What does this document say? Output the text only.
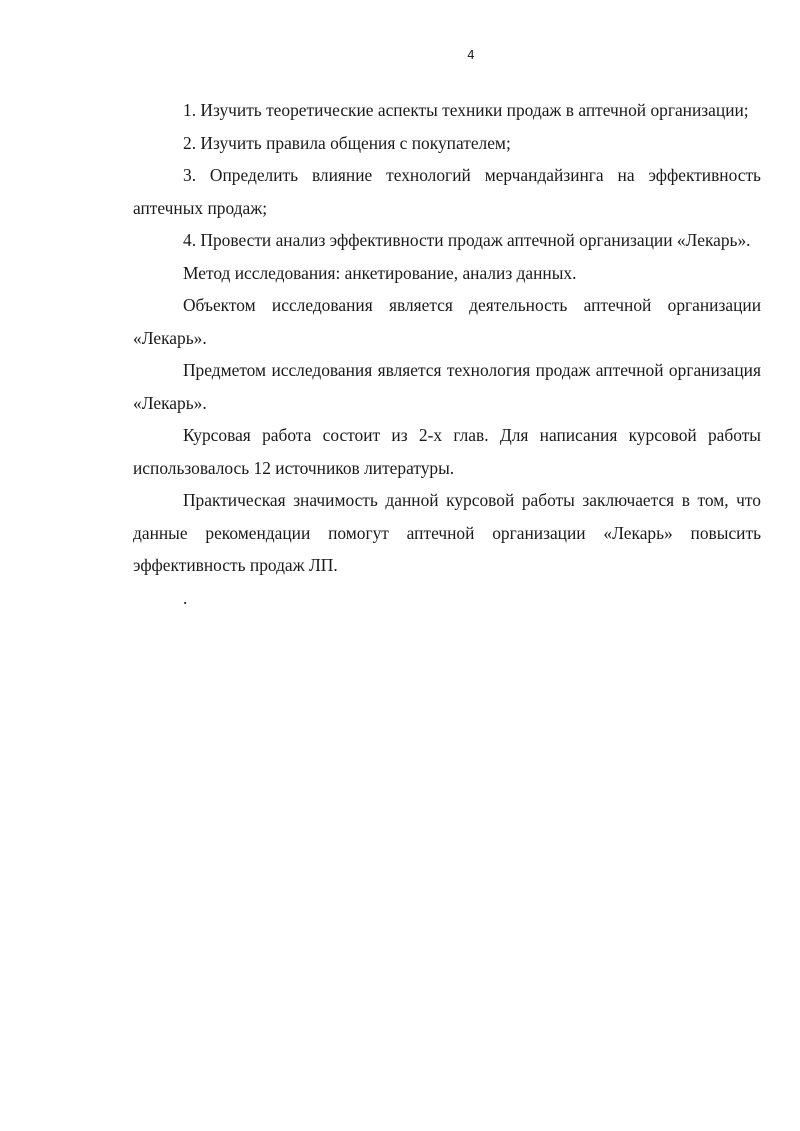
4

1. Изучить теоретические аспекты техники продаж в аптечной организации;

2. Изучить правила общения с покупателем;

3. Определить влияние технологий мерчандайзинга на эффективность аптечных продаж;

4. Провести анализ эффективности продаж аптечной организации «Лекарь».

Метод исследования: анкетирование, анализ данных.

Объектом исследования является деятельность аптечной организации «Лекарь».

Предметом исследования является технология продаж аптечной организация «Лекарь».

Курсовая работа состоит из 2-х глав. Для написания курсовой работы использовалось 12 источников литературы.

Практическая значимость данной курсовой работы заключается в том, что данные рекомендации помогут аптечной организации «Лекарь» повысить эффективность продаж ЛП.

.
